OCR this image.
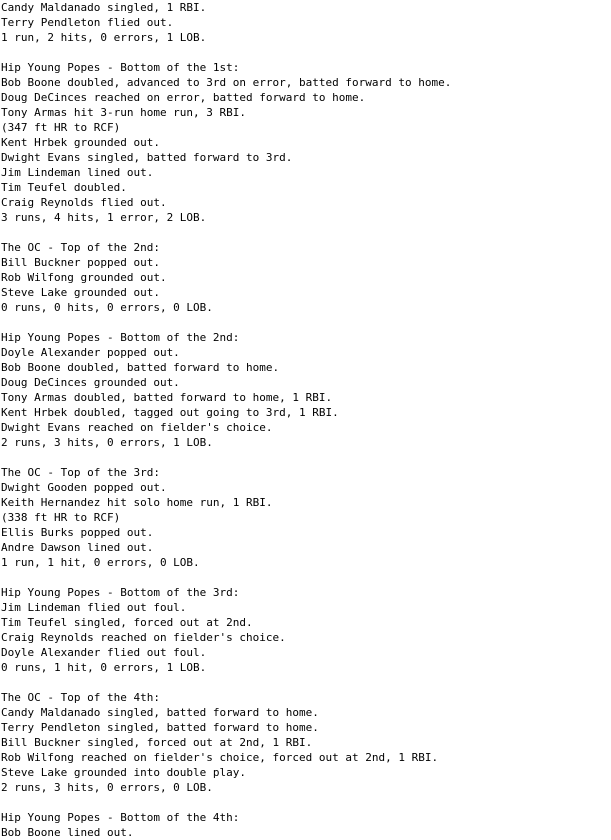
Candy Maldanado singled, 1 RBI.
Terry Pendleton flied out.
1 run, 2 hits, 0 errors, 1 LOB.
Hip Young Popes - Bottom of the 1st:
Bob Boone doubled, advanced to 3rd on error, batted forward to home.
Doug DeCinces reached on error, batted forward to home.
Tony Armas hit 3-run home run, 3 RBI.
(347 ft HR to RCF)
Kent Hrbek grounded out.
Dwight Evans singled, batted forward to 3rd.
Jim Lindeman lined out.
Tim Teufel doubled.
Craig Reynolds flied out.
3 runs, 4 hits, 1 error, 2 LOB.
The OC - Top of the 2nd:
Bill Buckner popped out.
Rob Wilfong grounded out.
Steve Lake grounded out.
0 runs, 0 hits, 0 errors, 0 LOB.
Hip Young Popes - Bottom of the 2nd:
Doyle Alexander popped out.
Bob Boone doubled, batted forward to home.
Doug DeCinces grounded out.
Tony Armas doubled, batted forward to home, 1 RBI.
Kent Hrbek doubled, tagged out going to 3rd, 1 RBI.
Dwight Evans reached on fielder's choice.
2 runs, 3 hits, 0 errors, 1 LOB.
The OC - Top of the 3rd:
Dwight Gooden popped out.
Keith Hernandez hit solo home run, 1 RBI.
(338 ft HR to RCF)
Ellis Burks popped out.
Andre Dawson lined out.
1 run, 1 hit, 0 errors, 0 LOB.
Hip Young Popes - Bottom of the 3rd:
Jim Lindeman flied out foul.
Tim Teufel singled, forced out at 2nd.
Craig Reynolds reached on fielder's choice.
Doyle Alexander flied out foul.
0 runs, 1 hit, 0 errors, 1 LOB.
The OC - Top of the 4th:
Candy Maldanado singled, batted forward to home.
Terry Pendleton singled, batted forward to home.
Bill Buckner singled, forced out at 2nd, 1 RBI.
Rob Wilfong reached on fielder's choice, forced out at 2nd, 1 RBI.
Steve Lake grounded into double play.
2 runs, 3 hits, 0 errors, 0 LOB.
Hip Young Popes - Bottom of the 4th:
Bob Boone lined out.
